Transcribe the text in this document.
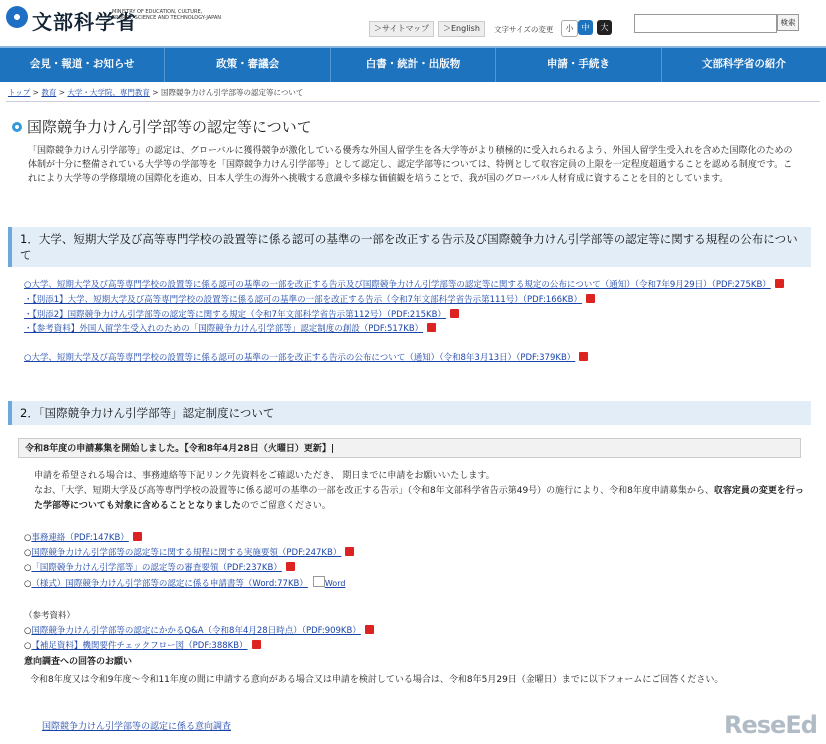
文部科学省
MINISTRY OF EDUCATION, CULTURE, SPORTS, SCIENCE AND TECHNOLOGY-JAPAN
＞サイトマップ	＞English	文字サイズの変更	小	中	大
検索
会見・報道・お知らせ	政策・審議会	白書・統計・出版物	申請・手続き	文部科学省の紹介
トップ > 教育 > 大学・大学院、専門教育 > 国際競争力けん引学部等の認定等について
国際競争力けん引学部等の認定等について
「国際競争力けん引学部等」の認定は、グローバルに獲得競争が激化している優秀な外国人留学生を各大学等がより積極的に受入れられるよう、外国人留学生受入れを含めた国際化のための体制が十分に整備されている大学等の学部等を「国際競争力けん引学部等」として認定し、認定学部等については、特例として収容定員の上限を一定程度超過することを認める制度です。これにより大学等の学修環境の国際化を進め、日本人学生の海外へ挑戦する意識や多様な価値観を培うことで、我が国のグローバル人材育成に資することを目的としています。
1．大学、短期大学及び高等専門学校の設置等に係る認可の基準の一部を改正する告示及び国際競争力けん引学部等の認定等に関する規程の公布について
○大学、短期大学及び高等専門学校の設置等に係る認可の基準の一部を改正する告示及び国際競争力けん引学部等の認定等に関する規定の公布について（通知）（令和7年9月29日）（PDF:275KB）
・【別添1】大学、短期大学及び高等専門学校の設置等に係る認可の基準の一部を改正する告示（令和7年文部科学省告示第111号）（PDF:166KB）
・【別添2】国際競争力けん引学部等の認定等に関する規定（令和7年文部科学省告示第112号）（PDF:215KB）
・【参考資料】外国人留学生受入れのための「国際競争力けん引学部等」認定制度の創設（PDF:517KB）
○大学、短期大学及び高等専門学校の設置等に係る認可の基準の一部を改正する告示の公布について（通知）（令和8年3月13日）（PDF:379KB）
2．「国際競争力けん引学部等」認定制度について
令和8年度の申請募集を開始しました。【令和8年4月28日（火曜日）更新】|
申請を希望される場合は、事務連絡等下記リンク先資料をご確認いただき、 期日までに申請をお願いいたします。
なお、「大学、短期大学及び高等専門学校の設置等に係る認可の基準の一部を改正する告示」（令和8年文部科学省告示第49号）の施行により、令和8年度申請募集から、収容定員の変更を行った学部等についても対象に含めることとなりましたのでご留意ください。
○事務連絡（PDF:147KB）
○国際競争力けん引学部等の認定等に関する規程に関する実施要領（PDF:247KB）
○「国際競争力けん引学部等」の認定等の審査要領（PDF:237KB）
○（様式）国際競争力けん引学部等の認定に係る申請書等（Word:77KB） Word
（参考資料）
○国際競争力けん引学部等の認定にかかるQ&A（令和8年4月28日時点）（PDF:909KB）
○【補足資料】機関要件チェックフロー図（PDF:388KB）
意向調査への回答のお願い
令和8年度又は令和9年度～令和11年度の間に申請する意向がある場合又は申請を検討している場合は、令和8年5月29日（金曜日）までに以下フォームにご回答ください。
国際競争力けん引学部等の認定に係る意向調査	ReseEd
